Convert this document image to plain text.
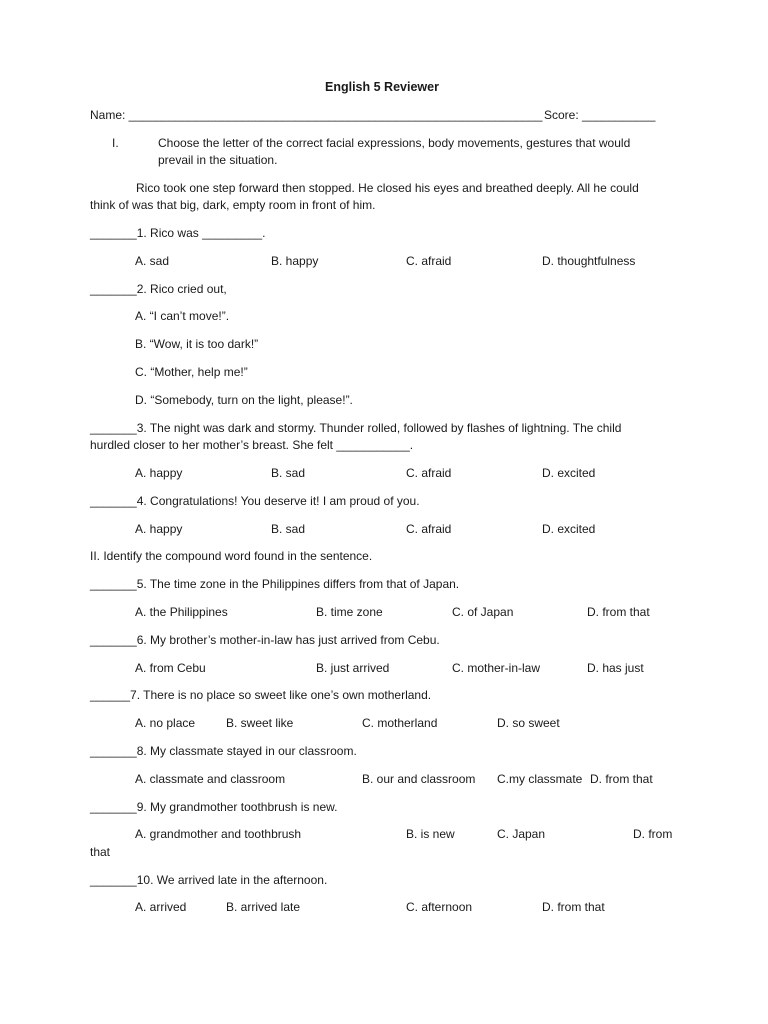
English 5 Reviewer
Name: ______________________________________________________________ Score: ___________
I.	Choose the letter of the correct facial expressions, body movements, gestures that would
prevail in the situation.
Rico took one step forward then stopped. He closed his eyes and breathed deeply. All he could
think of was that big, dark, empty room in front of him.
_______1. Rico was _________.
A. sad	B. happy	C. afraid	D. thoughtfulness
_______2. Rico cried out,
A. “I can’t move!”.
B. “Wow, it is too dark!”
C. “Mother, help me!”
D. “Somebody, turn on the light, please!”.
_______3. The night was dark and stormy. Thunder rolled, followed by flashes of lightning. The child
hurdled closer to her mother’s breast. She felt ___________.
A. happy	B. sad	C. afraid	D. excited
_______4. Congratulations! You deserve it! I am proud of you.
A. happy	B. sad	C. afraid	D. excited
II. Identify the compound word found in the sentence.
_______5. The time zone in the Philippines differs from that of Japan.
A. the Philippines	B. time zone	C. of Japan	D. from that
_______6. My brother’s mother-in-law has just arrived from Cebu.
A. from Cebu	B. just arrived	C. mother-in-law	D. has just
______7. There is no place so sweet like one’s own motherland.
A. no place	B. sweet like	C. motherland	D. so sweet
_______8. My classmate stayed in our classroom.
A. classmate and classroom	B. our and classroom C.my classmate D. from that
_______9. My grandmother toothbrush is new.
A. grandmother and toothbrush	B. is new	C. Japan	D. from
that
_______10. We arrived late in the afternoon.
A. arrived	B. arrived late	C. afternoon	D. from that
